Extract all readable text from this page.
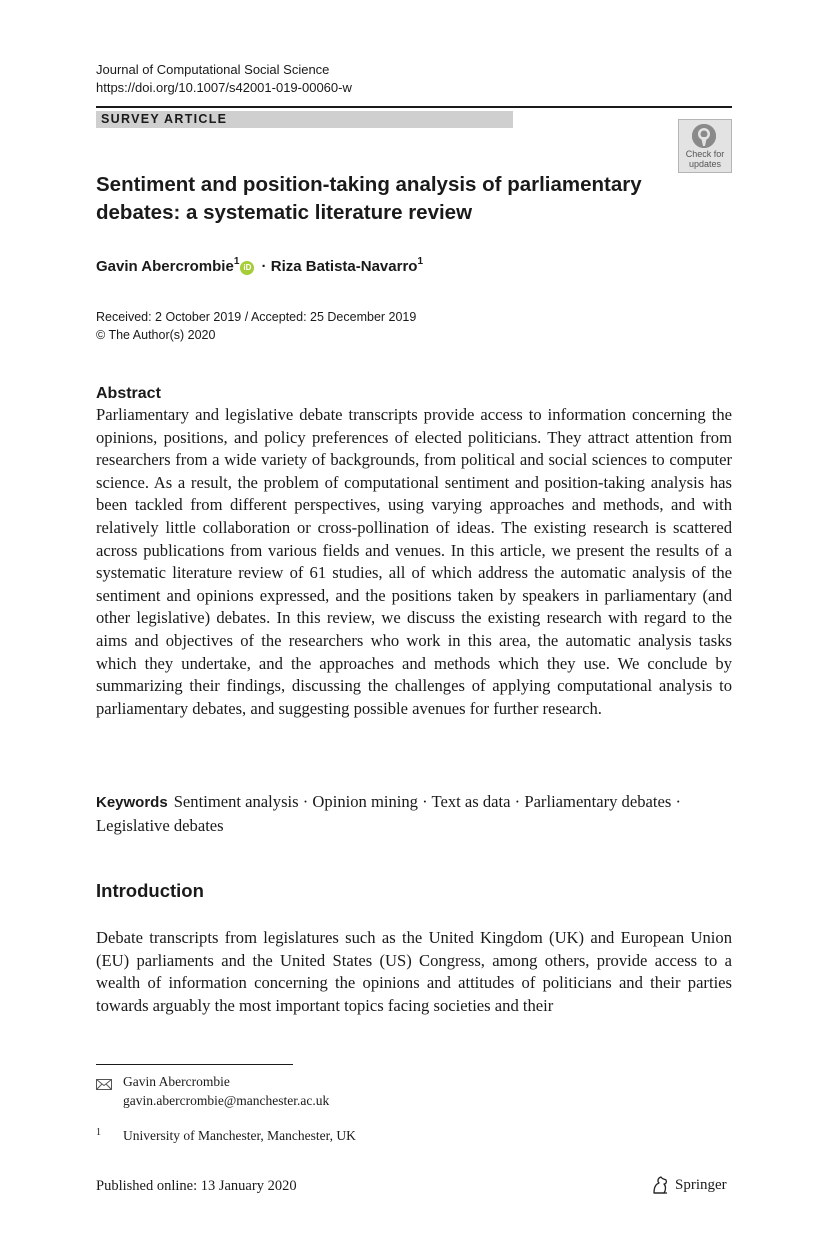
Journal of Computational Social Science
https://doi.org/10.1007/s42001-019-00060-w
SURVEY ARTICLE
Check for
updates
Sentiment and position-taking analysis of parliamentary
debates: a systematic literature review
Gavin Abercrombie$^1$iD · Riza Batista-Navarro$^1$
Received: 2 October 2019 / Accepted: 25 December 2019
© The Author(s) 2020
Abstract
Parliamentary and legislative debate transcripts provide access to information concerning the opinions, positions, and policy preferences of elected politicians. They attract attention from researchers from a wide variety of backgrounds, from political and social sciences to computer science. As a result, the problem of computational sentiment and position-taking analysis has been tackled from different perspectives, using varying approaches and methods, and with relatively little collaboration or cross-pollination of ideas. The existing research is scattered across publications from various fields and venues. In this article, we present the results of a systematic literature review of 61 studies, all of which address the automatic analysis of the sentiment and opinions expressed, and the positions taken by speakers in parliamentary (and other legislative) debates. In this review, we discuss the existing research with regard to the aims and objectives of the researchers who work in this area, the automatic analysis tasks which they undertake, and the approaches and methods which they use. We conclude by summarizing their findings, discussing the challenges of applying computational analysis to parliamentary debates, and suggesting possible avenues for further research.
Keywords Sentiment analysis · Opinion mining · Text as data · Parliamentary debates · Legislative debates
Introduction
Debate transcripts from legislatures such as the United Kingdom (UK) and European Union (EU) parliaments and the United States (US) Congress, among others, provide access to a wealth of information concerning the opinions and attitudes of politicians and their parties towards arguably the most important topics facing societies and their
Gavin Abercrombie
gavin.abercrombie@manchester.ac.uk
1 University of Manchester, Manchester, UK
Published online: 13 January 2020	Springer
